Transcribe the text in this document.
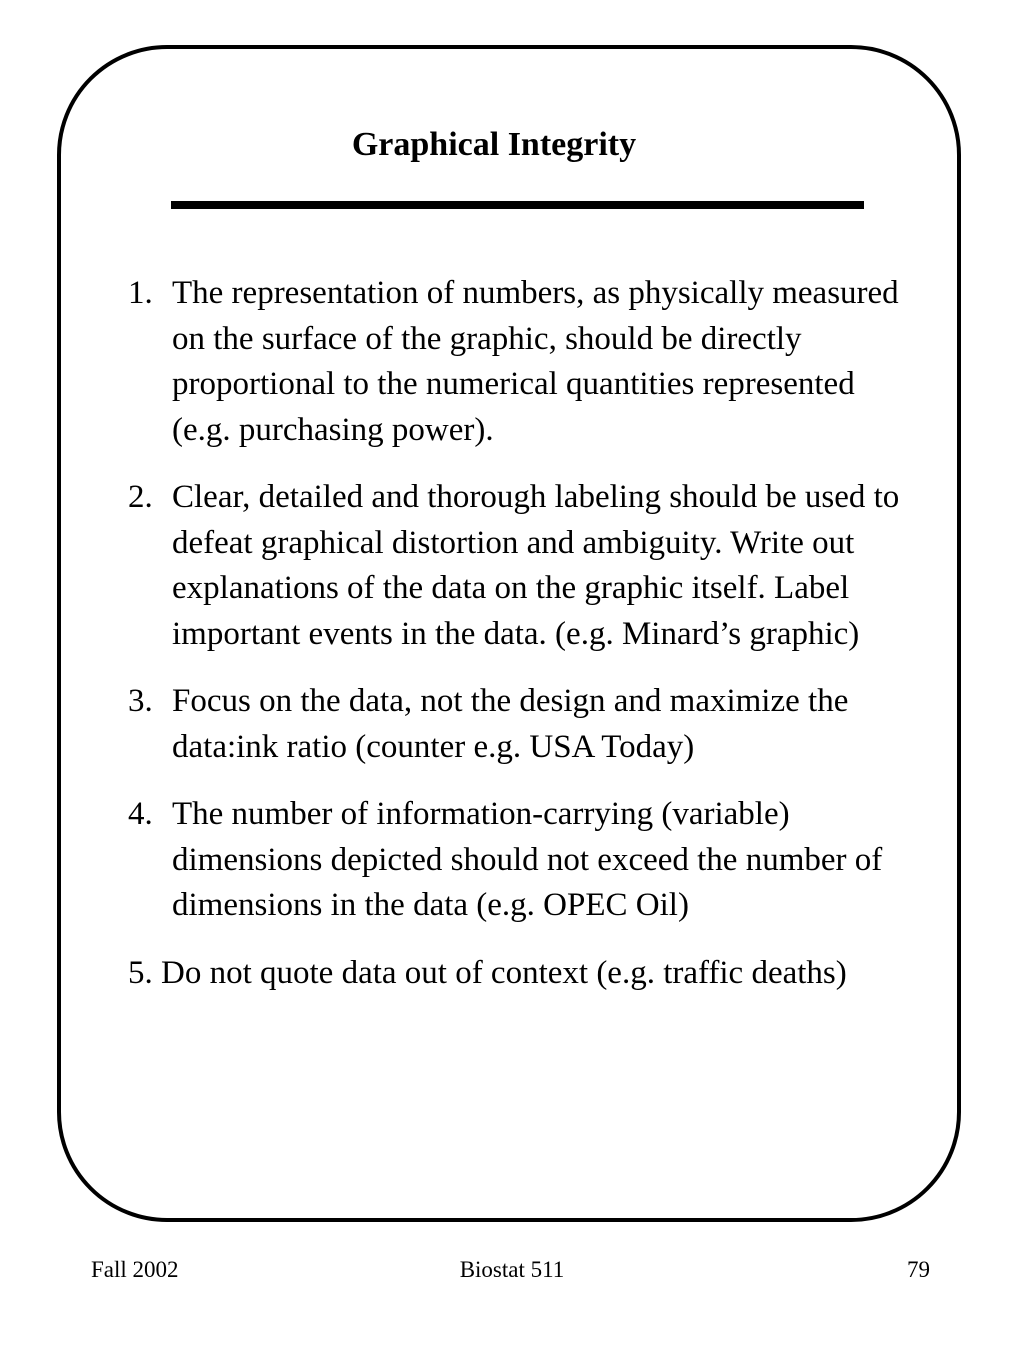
Graphical Integrity
1. The representation of numbers, as physically measured on the surface of the graphic, should be directly proportional to the numerical quantities represented (e.g. purchasing power).
2. Clear, detailed and thorough labeling should be used to defeat graphical distortion and ambiguity. Write out explanations of the data on the graphic itself. Label important events in the data. (e.g. Minard’s graphic)
3. Focus on the data, not the design and maximize the data:ink ratio (counter e.g. USA Today)
4. The number of information-carrying (variable) dimensions depicted should not exceed the number of dimensions in the data (e.g. OPEC Oil)
5. Do not quote data out of context (e.g. traffic deaths)
Fall 2002	Biostat 511	79
